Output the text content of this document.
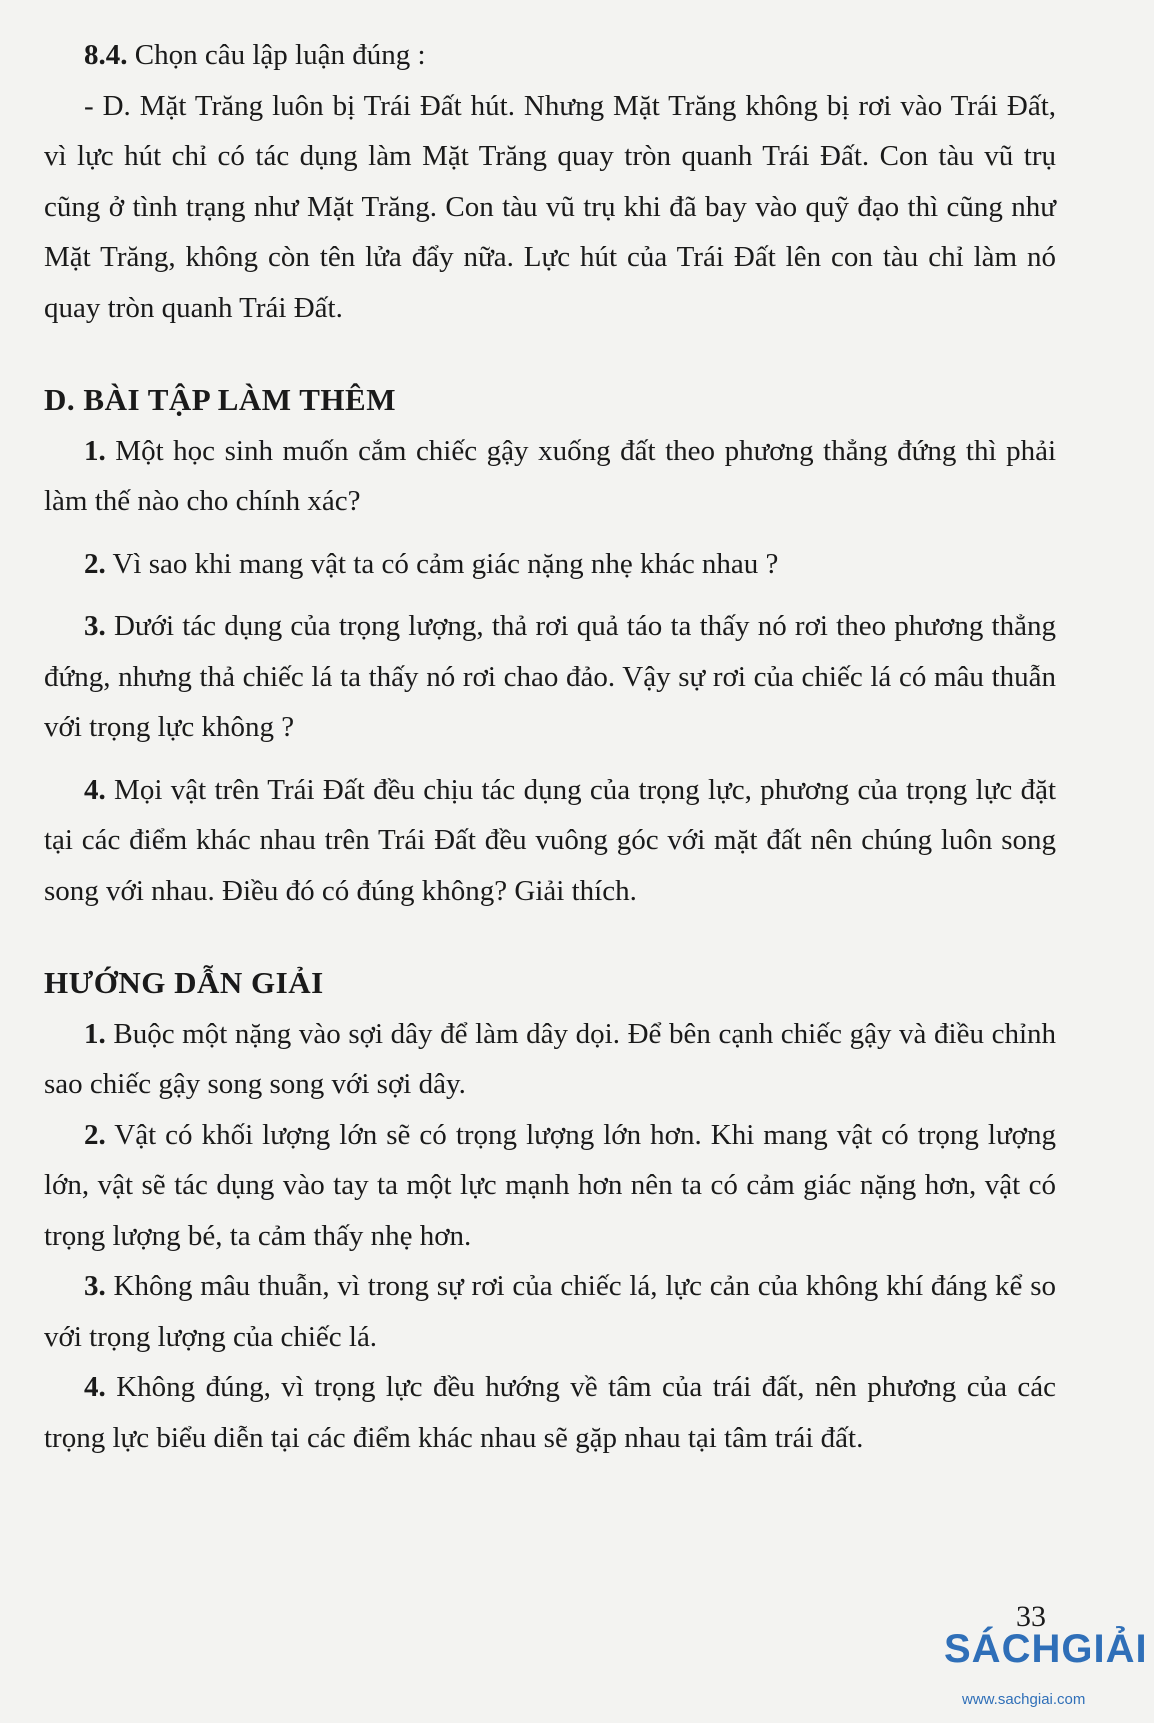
8.4. Chọn câu lập luận đúng :

- D. Mặt Trăng luôn bị Trái Đất hút. Nhưng Mặt Trăng không bị rơi vào Trái Đất, vì lực hút chỉ có tác dụng làm Mặt Trăng quay tròn quanh Trái Đất. Con tàu vũ trụ cũng ở tình trạng như Mặt Trăng. Con tàu vũ trụ khi đã bay vào quỹ đạo thì cũng như Mặt Trăng, không còn tên lửa đẩy nữa. Lực hút của Trái Đất lên con tàu chỉ làm nó quay tròn quanh Trái Đất.

D. BÀI TẬP LÀM THÊM

1. Một học sinh muốn cắm chiếc gậy xuống đất theo phương thẳng đứng thì phải làm thế nào cho chính xác?

2. Vì sao khi mang vật ta có cảm giác nặng nhẹ khác nhau ?

3. Dưới tác dụng của trọng lượng, thả rơi quả táo ta thấy nó rơi theo phương thẳng đứng, nhưng thả chiếc lá ta thấy nó rơi chao đảo. Vậy sự rơi của chiếc lá có mâu thuẫn với trọng lực không ?

4. Mọi vật trên Trái Đất đều chịu tác dụng của trọng lực, phương của trọng lực đặt tại các điểm khác nhau trên Trái Đất đều vuông góc với mặt đất nên chúng luôn song song với nhau. Điều đó có đúng không? Giải thích.

HƯỚNG DẪN GIẢI

1. Buộc một nặng vào sợi dây để làm dây dọi. Để bên cạnh chiếc gậy và điều chỉnh sao chiếc gậy song song với sợi dây.

2. Vật có khối lượng lớn sẽ có trọng lượng lớn hơn. Khi mang vật có trọng lượng lớn, vật sẽ tác dụng vào tay ta một lực mạnh hơn nên ta có cảm giác nặng hơn, vật có trọng lượng bé, ta cảm thấy nhẹ hơn.

3. Không mâu thuẫn, vì trong sự rơi của chiếc lá, lực cản của không khí đáng kể so với trọng lượng của chiếc lá.

4. Không đúng, vì trọng lực đều hướng về tâm của trái đất, nên phương của các trọng lực biểu diễn tại các điểm khác nhau sẽ gặp nhau tại tâm trái đất.

33
SÁCHGIẢI
www.sachgiai.com
